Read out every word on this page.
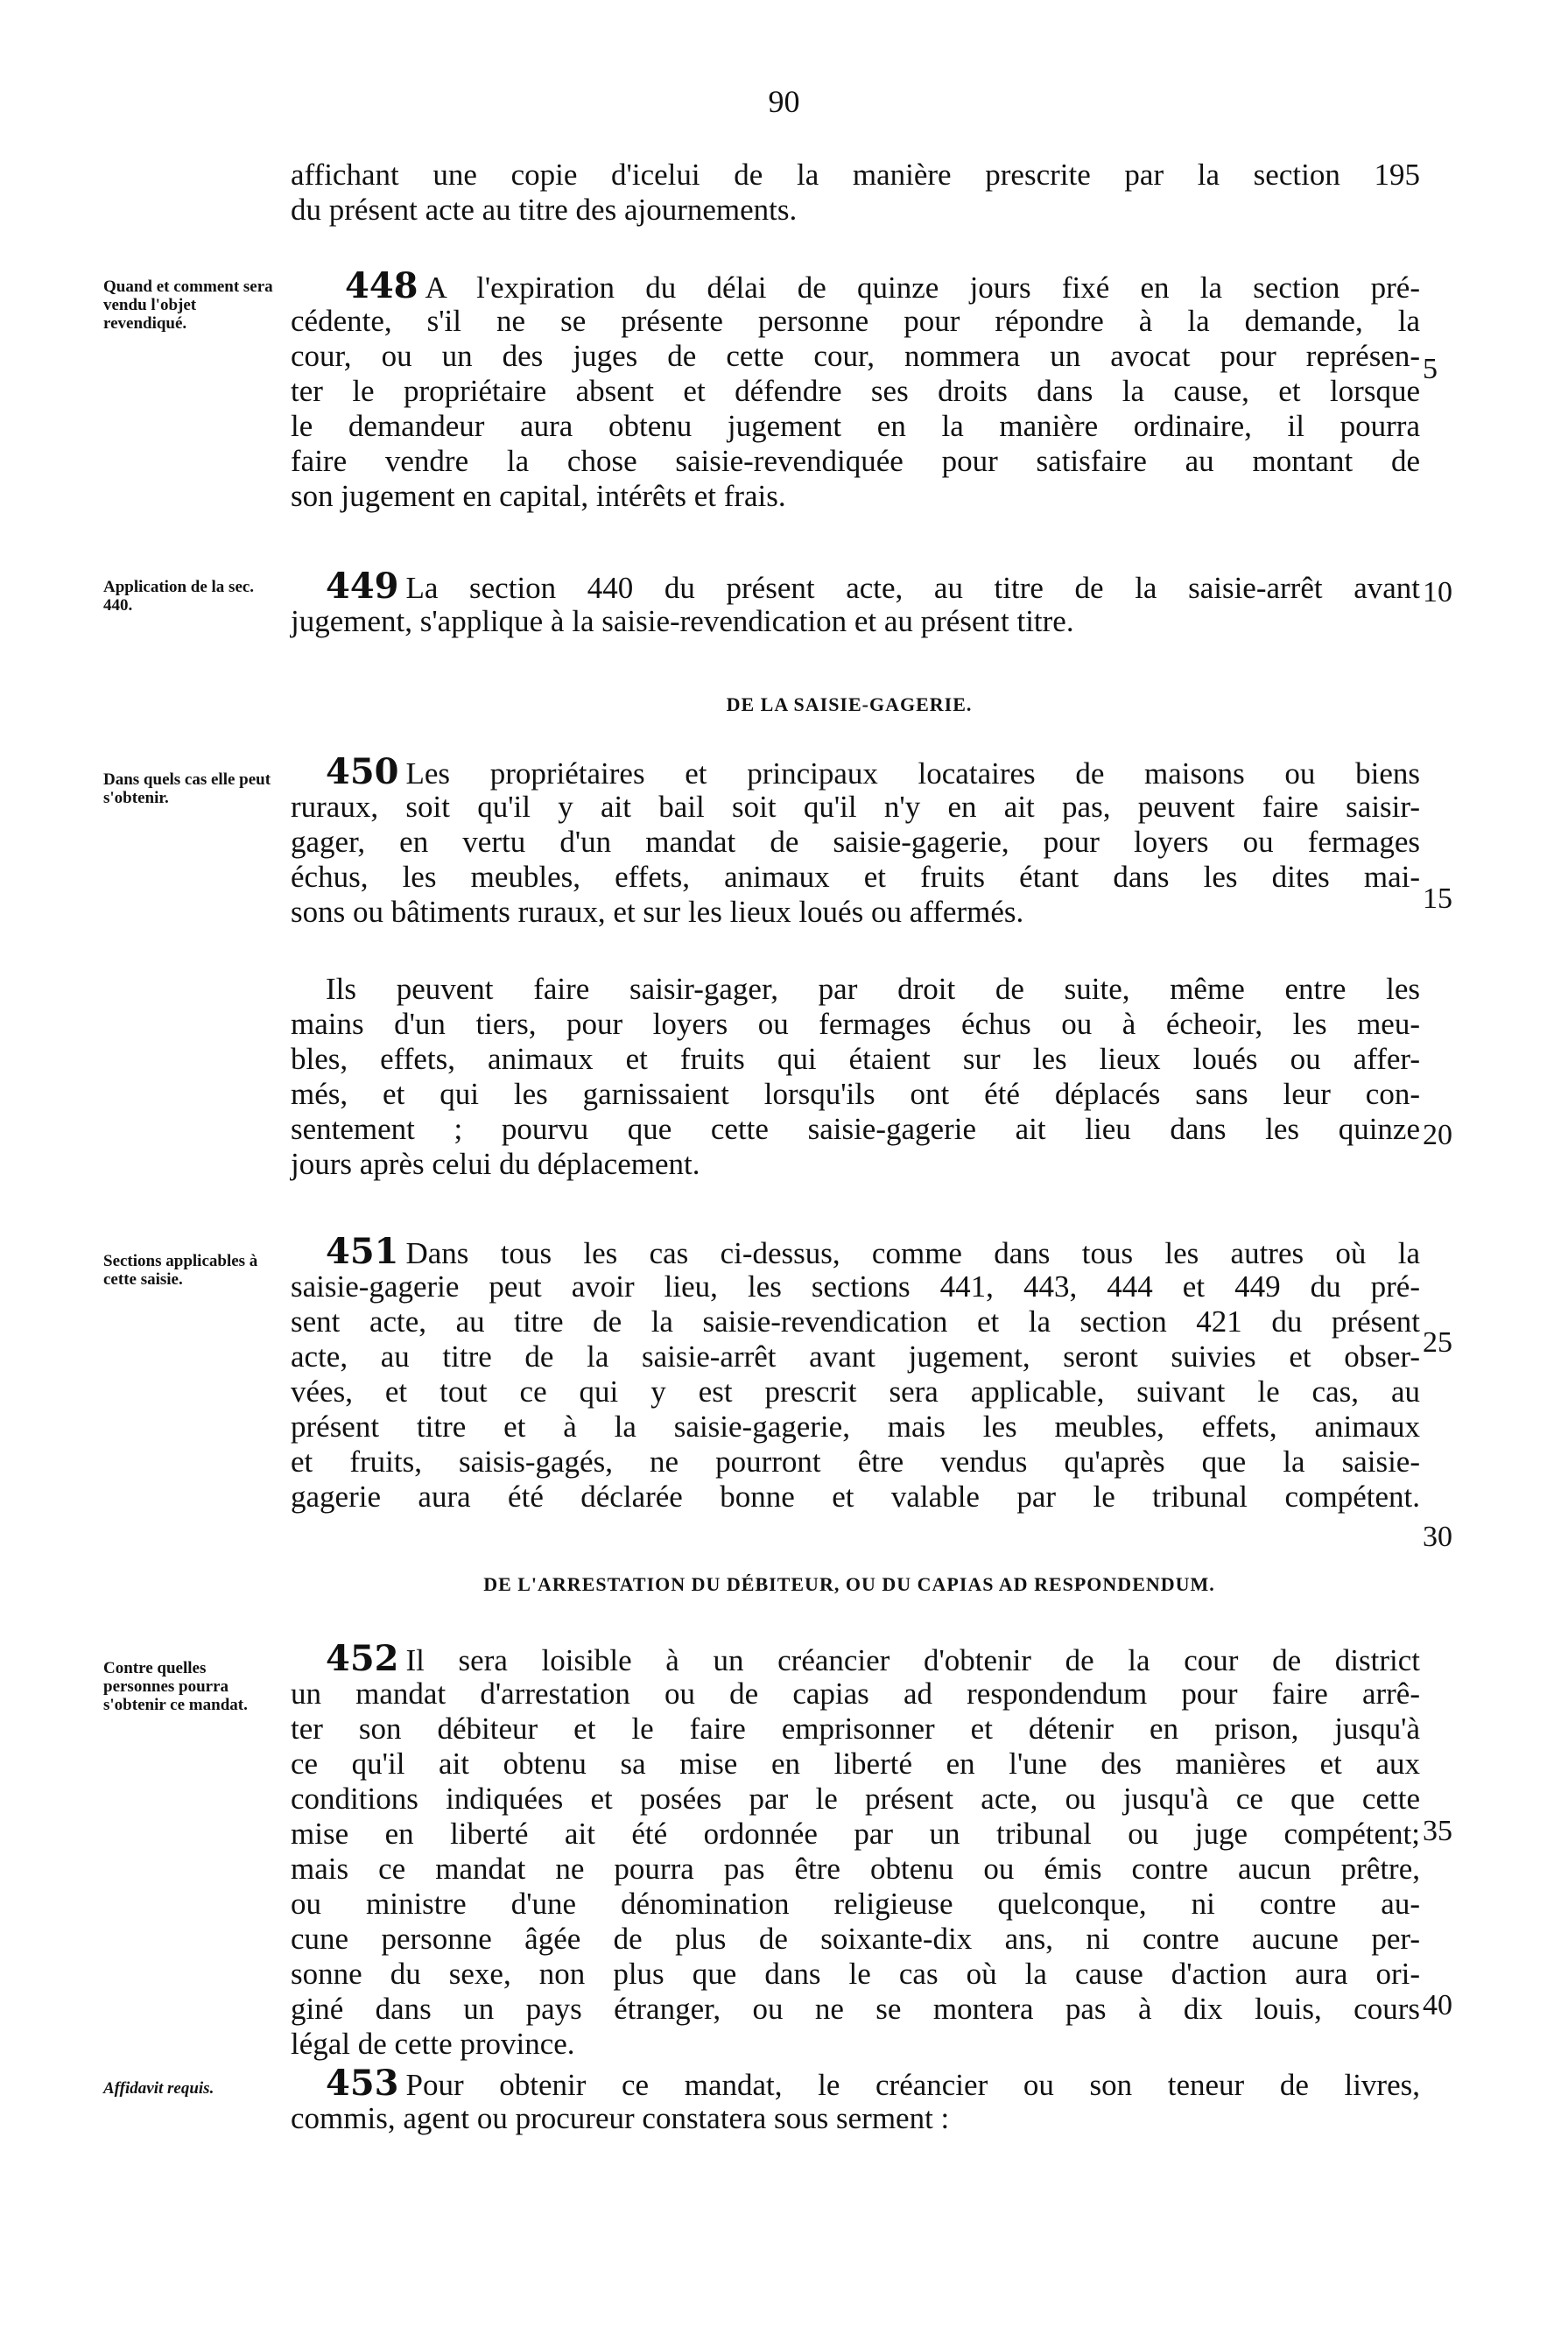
90
Quand et comment sera vendu l'objet revendiqué.
Application de la sec. 440.
Dans quels cas elle peut s'obtenir.
Sections applicables à cette saisie.
Contre quelles personnes pourra s'obtenir ce mandat.
Affidavit requis.
5
10
15
20
25
30
35
40
affichant une copie d'icelui de la manière prescrite par la section 195
du présent acte au titre des ajournements.
448 A l'expiration du délai de quinze jours fixé en la section pré-
cédente, s'il ne se présente personne pour répondre à la demande, la
cour, ou un des juges de cette cour, nommera un avocat pour représen-
ter le propriétaire absent et défendre ses droits dans la cause, et lorsque
le demandeur aura obtenu jugement en la manière ordinaire, il pourra
faire vendre la chose saisie-revendiquée pour satisfaire au montant de
son jugement en capital, intérêts et frais.
449 La section 440 du présent acte, au titre de la saisie-arrêt avant
jugement, s'applique à la saisie-revendication et au présent titre.
DE LA SAISIE-GAGERIE.
450 Les propriétaires et principaux locataires de maisons ou biens
ruraux, soit qu'il y ait bail soit qu'il n'y en ait pas, peuvent faire saisir-
gager, en vertu d'un mandat de saisie-gagerie, pour loyers ou fermages
échus, les meubles, effets, animaux et fruits étant dans les dites mai-
sons ou bâtiments ruraux, et sur les lieux loués ou affermés.
Ils peuvent faire saisir-gager, par droit de suite, même entre les
mains d'un tiers, pour loyers ou fermages échus ou à écheoir, les meu-
bles, effets, animaux et fruits qui étaient sur les lieux loués ou affer-
més, et qui les garnissaient lorsqu'ils ont été déplacés sans leur con-
sentement ; pourvu que cette saisie-gagerie ait lieu dans les quinze
jours après celui du déplacement.
451 Dans tous les cas ci-dessus, comme dans tous les autres où la
saisie-gagerie peut avoir lieu, les sections 441, 443, 444 et 449 du pré-
sent acte, au titre de la saisie-revendication et la section 421 du présent
acte, au titre de la saisie-arrêt avant jugement, seront suivies et obser-
vées, et tout ce qui y est prescrit sera applicable, suivant le cas, au
présent titre et à la saisie-gagerie, mais les meubles, effets, animaux
et fruits, saisis-gagés, ne pourront être vendus qu'après que la saisie-
gagerie aura été déclarée bonne et valable par le tribunal compétent.
DE L'ARRESTATION DU DÉBITEUR, OU DU CAPIAS AD RESPONDENDUM.
452 Il sera loisible à un créancier d'obtenir de la cour de district
un mandat d'arrestation ou de capias ad respondendum pour faire arrê-
ter son débiteur et le faire emprisonner et détenir en prison, jusqu'à
ce qu'il ait obtenu sa mise en liberté en l'une des manières et aux
conditions indiquées et posées par le présent acte, ou jusqu'à ce que cette
mise en liberté ait été ordonnée par un tribunal ou juge compétent;
mais ce mandat ne pourra pas être obtenu ou émis contre aucun prêtre,
ou ministre d'une dénomination religieuse quelconque, ni contre au-
cune personne âgée de plus de soixante-dix ans, ni contre aucune per-
sonne du sexe, non plus que dans le cas où la cause d'action aura ori-
giné dans un pays étranger, ou ne se montera pas à dix louis, cours
légal de cette province.
453 Pour obtenir ce mandat, le créancier ou son teneur de livres,
commis, agent ou procureur constatera sous serment :
